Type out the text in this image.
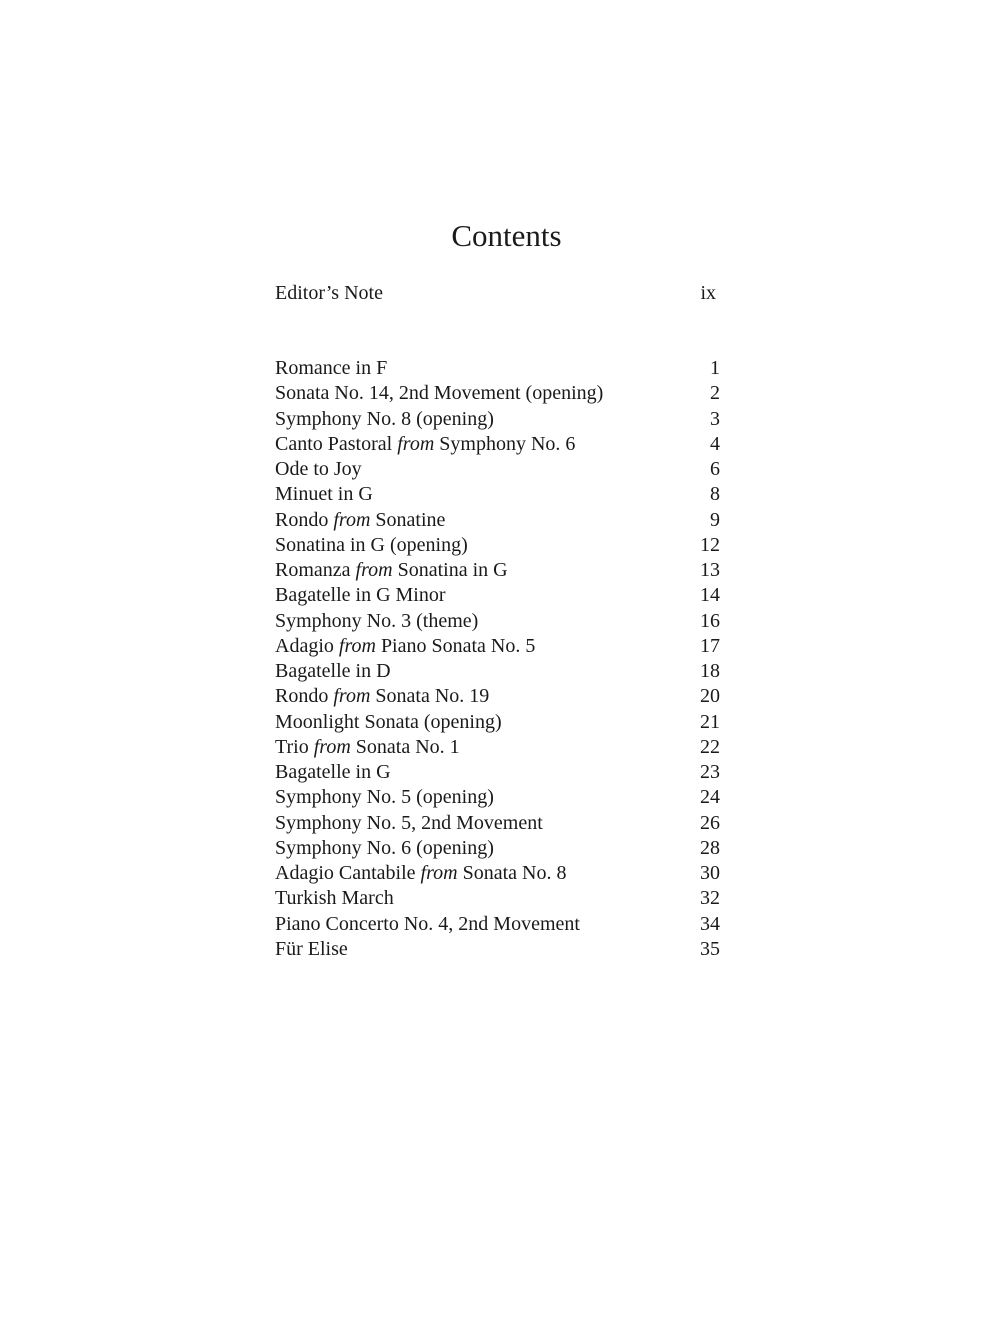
Contents
Editor’s Note	ix
Romance in F	1
Sonata No. 14, 2nd Movement (opening)	2
Symphony No. 8 (opening)	3
Canto Pastoral from Symphony No. 6	4
Ode to Joy	6
Minuet in G	8
Rondo from Sonatine	9
Sonatina in G (opening)	12
Romanza from Sonatina in G	13
Bagatelle in G Minor	14
Symphony No. 3 (theme)	16
Adagio from Piano Sonata No. 5	17
Bagatelle in D	18
Rondo from Sonata No. 19	20
Moonlight Sonata (opening)	21
Trio from Sonata No. 1	22
Bagatelle in G	23
Symphony No. 5 (opening)	24
Symphony No. 5, 2nd Movement	26
Symphony No. 6 (opening)	28
Adagio Cantabile from Sonata No. 8	30
Turkish March	32
Piano Concerto No. 4, 2nd Movement	34
Für Elise	35
